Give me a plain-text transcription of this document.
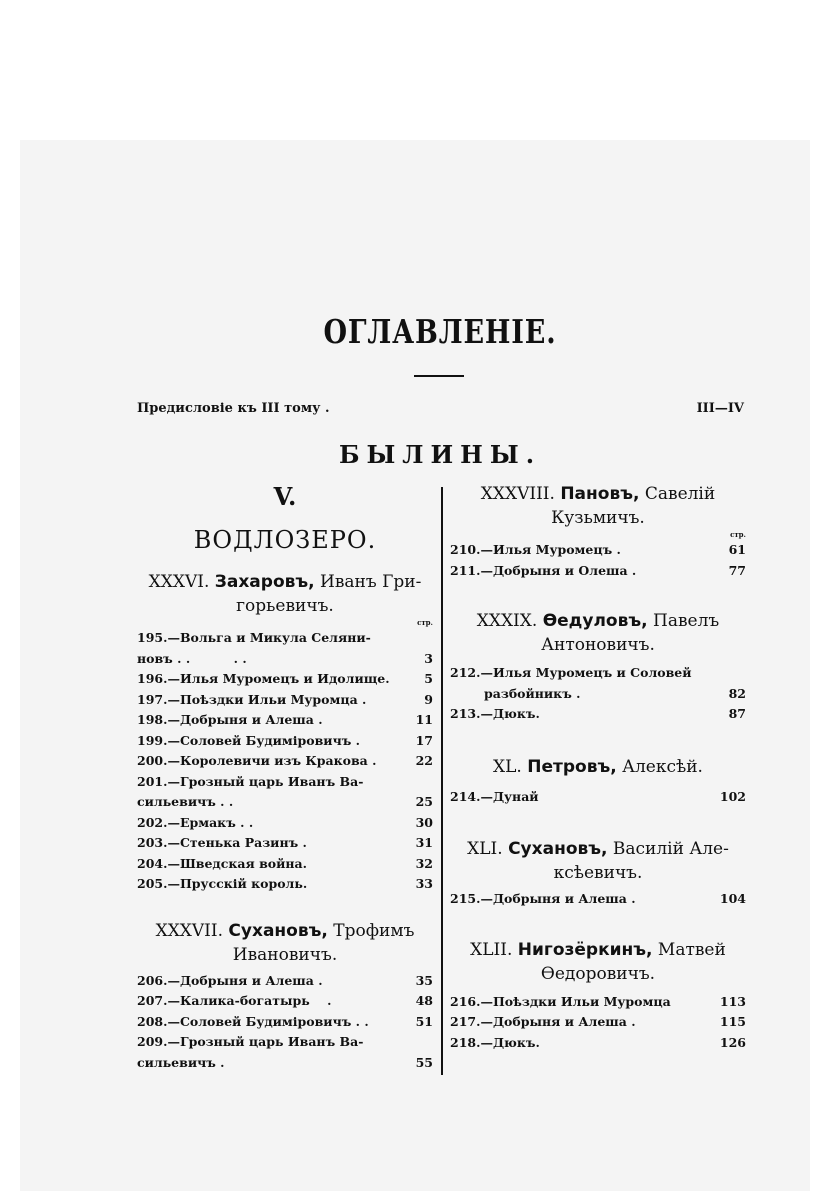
ОГЛАВЛЕНІЕ.
Предисловіе къ III тому .	III—IV
БЫЛИНЫ.

V.

ВОДЛОЗЕРО.

XXXVI. Захаровъ, Иванъ Гри-

горьевичъ.

стр.

195.—Вольга и Микула Селяни-
новъ . .          . .	3
196.—Илья Муромецъ и Идолище.	5
197.—Поѣздки Ильи Муромца .	9
198.—Добрыня и Алеша .	11
199.—Соловей Будиміровичъ .	17
200.—Королевичи изъ Кракова .	22
201.—Грозный царь Иванъ Ва-
сильевичъ . .	25
202.—Ермакъ . .	30
203.—Стенька Разинъ .	31
204.—Шведская война.	32
205.—Прусскій король.	33

XXXVII. Сухановъ, Трофимъ

Ивановичъ.

206.—Добрыня и Алеша .	35
207.—Калика-богатырь    .	48
208.—Соловей Будиміровичъ . .	51
209.—Грозный царь Иванъ Ва-
сильевичъ .	55

XXXVIII. Пановъ, Савелій

Кузьмичъ.

стр.

210.—Илья Муромецъ .	61
211.—Добрыня и Олеша .	77

XXXIX. Ѳедуловъ, Павелъ

Антоновичъ.

212.—Илья Муромецъ и Соловей
разбойникъ .	82
213.—Дюкъ.	87

XL. Петровъ, Алексѣй.

214.—Дунай	102

XLI. Сухановъ, Василій Але-

ксѣевичъ.

215.—Добрыня и Алеша .	104

XLII. Нигозёркинъ, Матвей

Ѳедоровичъ.

216.—Поѣздки Ильи Муромца	113
217.—Добрыня и Алеша .	115
218.—Дюкъ.	126
